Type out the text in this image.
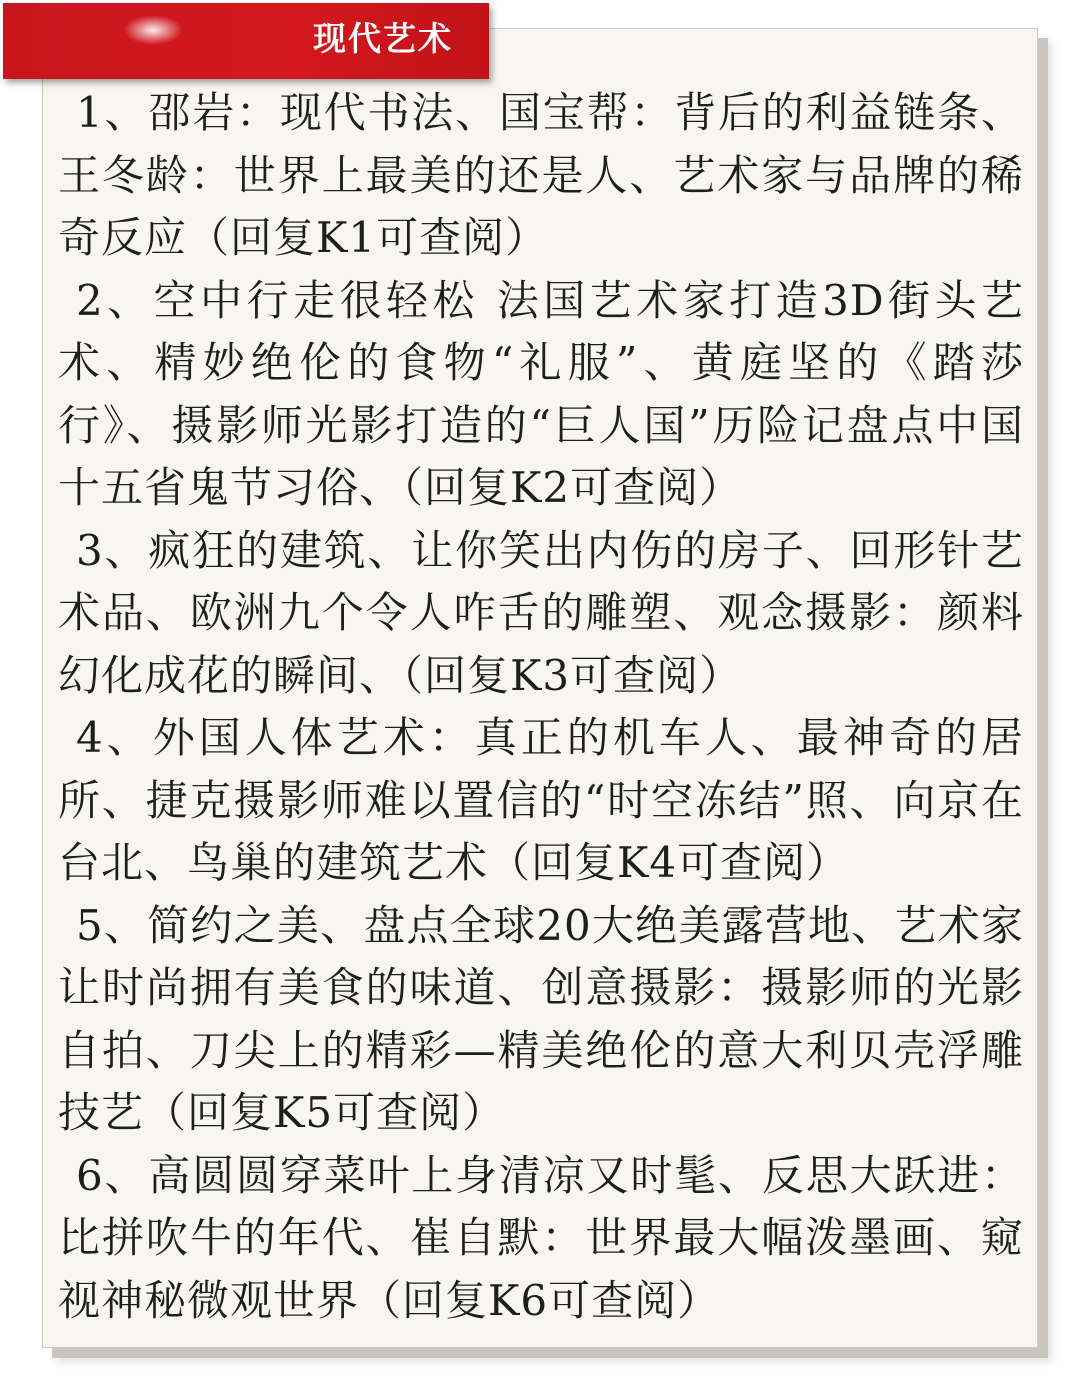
现代艺术

1、邵岩：现代书法、国宝帮：背后的利益链条、王冬龄：世界上最美的还是人、艺术家与品牌的稀奇反应（回复K1可查阅）

2、空中行走很轻松 法国艺术家打造3D街头艺术、精妙绝伦的食物“礼服”、黄庭坚的《踏莎行》、摄影师光影打造的“巨人国”历险记盘点中国十五省鬼节习俗、（回复K2可查阅）

3、疯狂的建筑、让你笑出内伤的房子、回形针艺术品、欧洲九个令人咋舌的雕塑、观念摄影：颜料幻化成花的瞬间、（回复K3可查阅）

4、外国人体艺术：真正的机车人、最神奇的居所、捷克摄影师难以置信的“时空冻结”照、向京在台北、鸟巢的建筑艺术（回复K4可查阅）

5、简约之美、盘点全球20大绝美露营地、艺术家让时尚拥有美食的味道、创意摄影：摄影师的光影自拍、刀尖上的精彩—精美绝伦的意大利贝壳浮雕技艺（回复K5可查阅）

6、高圆圆穿菜叶上身清凉又时髦、反思大跃进：比拼吹牛的年代、崔自默：世界最大幅泼墨画、窥视神秘微观世界（回复K6可查阅）
